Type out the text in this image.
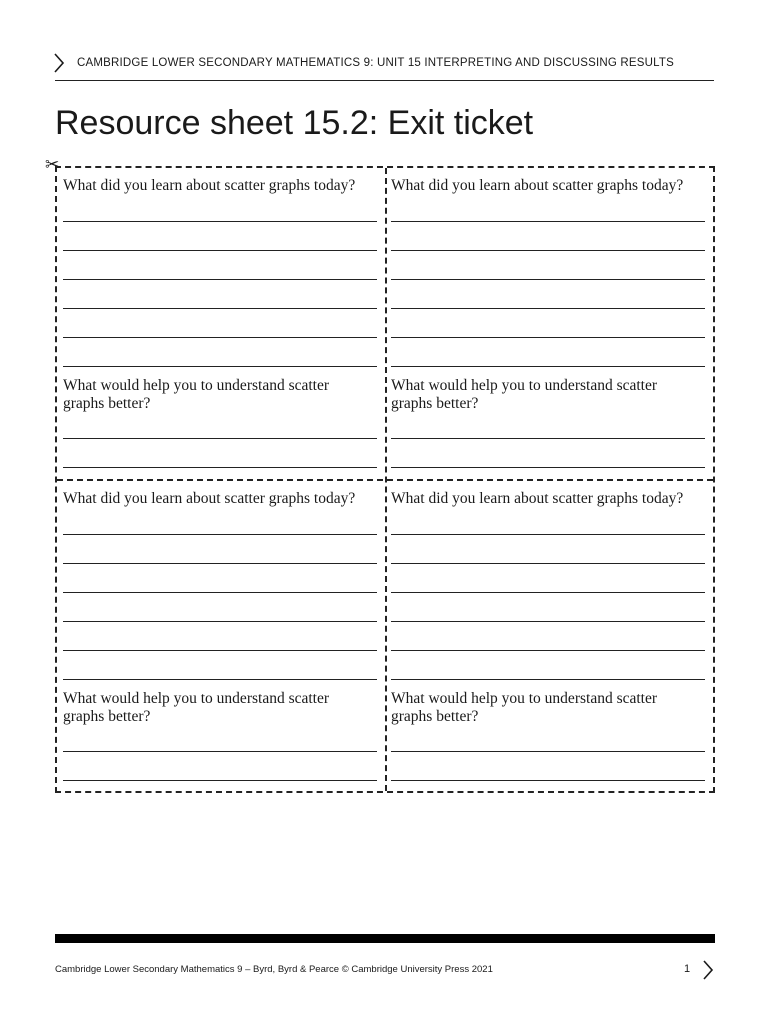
CAMBRIDGE LOWER SECONDARY MATHEMATICS 9: UNIT 15 INTERPRETING AND DISCUSSING RESULTS
Resource sheet 15.2: Exit ticket
✂
What did you learn about scatter graphs today?
What would help you to understand scatter graphs better?
What did you learn about scatter graphs today?
What would help you to understand scatter graphs better?
What did you learn about scatter graphs today?
What would help you to understand scatter graphs better?
What did you learn about scatter graphs today?
What would help you to understand scatter graphs better?
Cambridge Lower Secondary Mathematics 9 – Byrd, Byrd & Pearce © Cambridge University Press 2021	1
